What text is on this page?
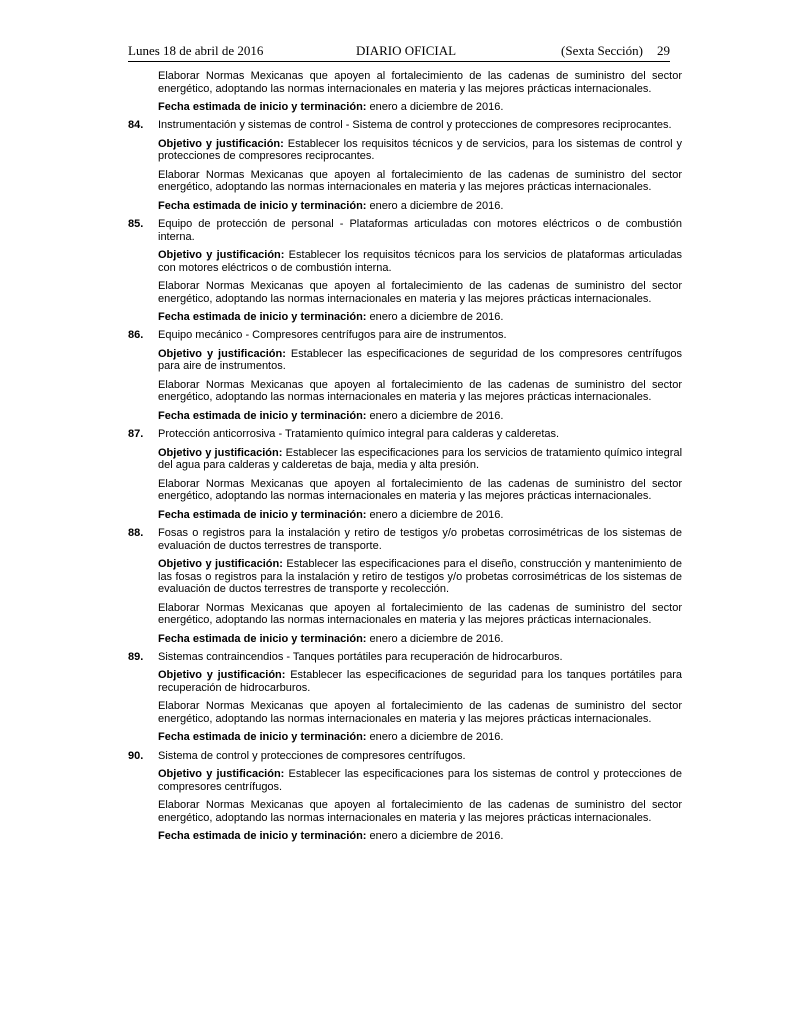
Lunes 18 de abril de 2016	DIARIO OFICIAL	(Sexta Sección) 29

Elaborar Normas Mexicanas que apoyen al fortalecimiento de las cadenas de suministro del sector energético, adoptando las normas internacionales en materia y las mejores prácticas internacionales.

Fecha estimada de inicio y terminación: enero a diciembre de 2016.

84. Instrumentación y sistemas de control - Sistema de control y protecciones de compresores reciprocantes.

Objetivo y justificación: Establecer los requisitos técnicos y de servicios, para los sistemas de control y protecciones de compresores reciprocantes.

Elaborar Normas Mexicanas que apoyen al fortalecimiento de las cadenas de suministro del sector energético, adoptando las normas internacionales en materia y las mejores prácticas internacionales.

Fecha estimada de inicio y terminación: enero a diciembre de 2016.

85. Equipo de protección de personal - Plataformas articuladas con motores eléctricos o de combustión interna.

Objetivo y justificación: Establecer los requisitos técnicos para los servicios de plataformas articuladas con motores eléctricos o de combustión interna.

Elaborar Normas Mexicanas que apoyen al fortalecimiento de las cadenas de suministro del sector energético, adoptando las normas internacionales en materia y las mejores prácticas internacionales.

Fecha estimada de inicio y terminación: enero a diciembre de 2016.

86. Equipo mecánico - Compresores centrífugos para aire de instrumentos.

Objetivo y justificación: Establecer las especificaciones de seguridad de los compresores centrífugos para aire de instrumentos.

Elaborar Normas Mexicanas que apoyen al fortalecimiento de las cadenas de suministro del sector energético, adoptando las normas internacionales en materia y las mejores prácticas internacionales.

Fecha estimada de inicio y terminación: enero a diciembre de 2016.

87. Protección anticorrosiva - Tratamiento químico integral para calderas y calderetas.

Objetivo y justificación: Establecer las especificaciones para los servicios de tratamiento químico integral del agua para calderas y calderetas de baja, media y alta presión.

Elaborar Normas Mexicanas que apoyen al fortalecimiento de las cadenas de suministro del sector energético, adoptando las normas internacionales en materia y las mejores prácticas internacionales.

Fecha estimada de inicio y terminación: enero a diciembre de 2016.

88. Fosas o registros para la instalación y retiro de testigos y/o probetas corrosimétricas de los sistemas de evaluación de ductos terrestres de transporte.

Objetivo y justificación: Establecer las especificaciones para el diseño, construcción y mantenimiento de las fosas o registros para la instalación y retiro de testigos y/o probetas corrosimétricas de los sistemas de evaluación de ductos terrestres de transporte y recolección.

Elaborar Normas Mexicanas que apoyen al fortalecimiento de las cadenas de suministro del sector energético, adoptando las normas internacionales en materia y las mejores prácticas internacionales.

Fecha estimada de inicio y terminación: enero a diciembre de 2016.

89. Sistemas contraincendios - Tanques portátiles para recuperación de hidrocarburos.

Objetivo y justificación: Establecer las especificaciones de seguridad para los tanques portátiles para recuperación de hidrocarburos.

Elaborar Normas Mexicanas que apoyen al fortalecimiento de las cadenas de suministro del sector energético, adoptando las normas internacionales en materia y las mejores prácticas internacionales.

Fecha estimada de inicio y terminación: enero a diciembre de 2016.

90. Sistema de control y protecciones de compresores centrífugos.

Objetivo y justificación: Establecer las especificaciones para los sistemas de control y protecciones de compresores centrífugos.

Elaborar Normas Mexicanas que apoyen al fortalecimiento de las cadenas de suministro del sector energético, adoptando las normas internacionales en materia y las mejores prácticas internacionales.

Fecha estimada de inicio y terminación: enero a diciembre de 2016.
